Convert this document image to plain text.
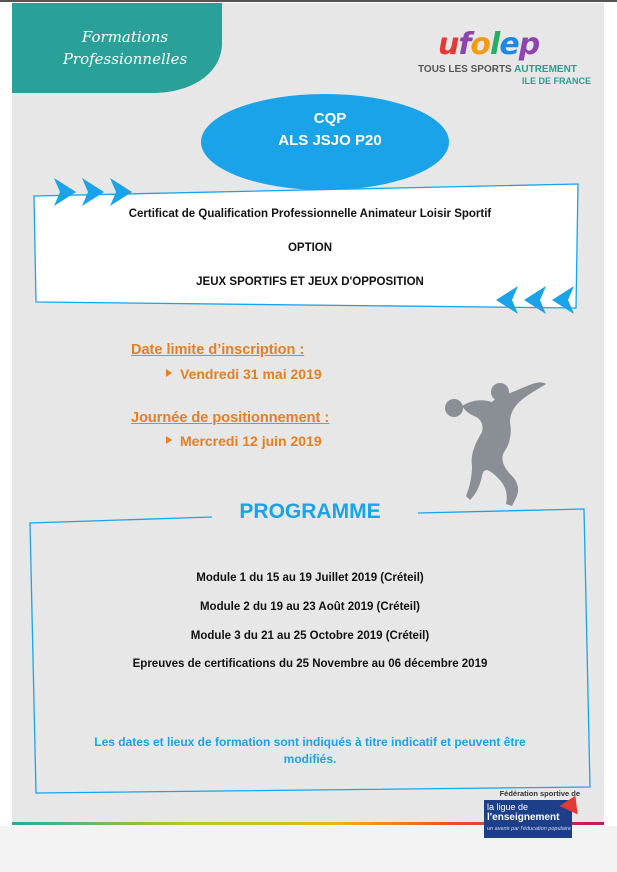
Formations
Professionnelles	ufolep
TOUS LES SPORTS AUTREMENT
ILE DE FRANCE
CQP
ALS JSJO P20
Certificat de Qualification Professionnelle Animateur Loisir Sportif
OPTION
JEUX SPORTIFS ET JEUX D'OPPOSITION
Date limite d’inscription :
Vendredi 31 mai 2019
Journée de positionnement :
Mercredi 12 juin 2019
PROGRAMME
Module 1 du 15 au 19 Juillet 2019 (Créteil)
Module 2 du 19 au 23 Août 2019 (Créteil)
Module 3 du 21 au 25 Octobre 2019 (Créteil)
Epreuves de certifications du 25 Novembre au 06 décembre 2019
Les dates et lieux de formation sont indiqués à titre indicatif et peuvent être modifiés.
Fédération sportive de
la ligue de
l'enseignement
un avenir par l'éducation populaire
